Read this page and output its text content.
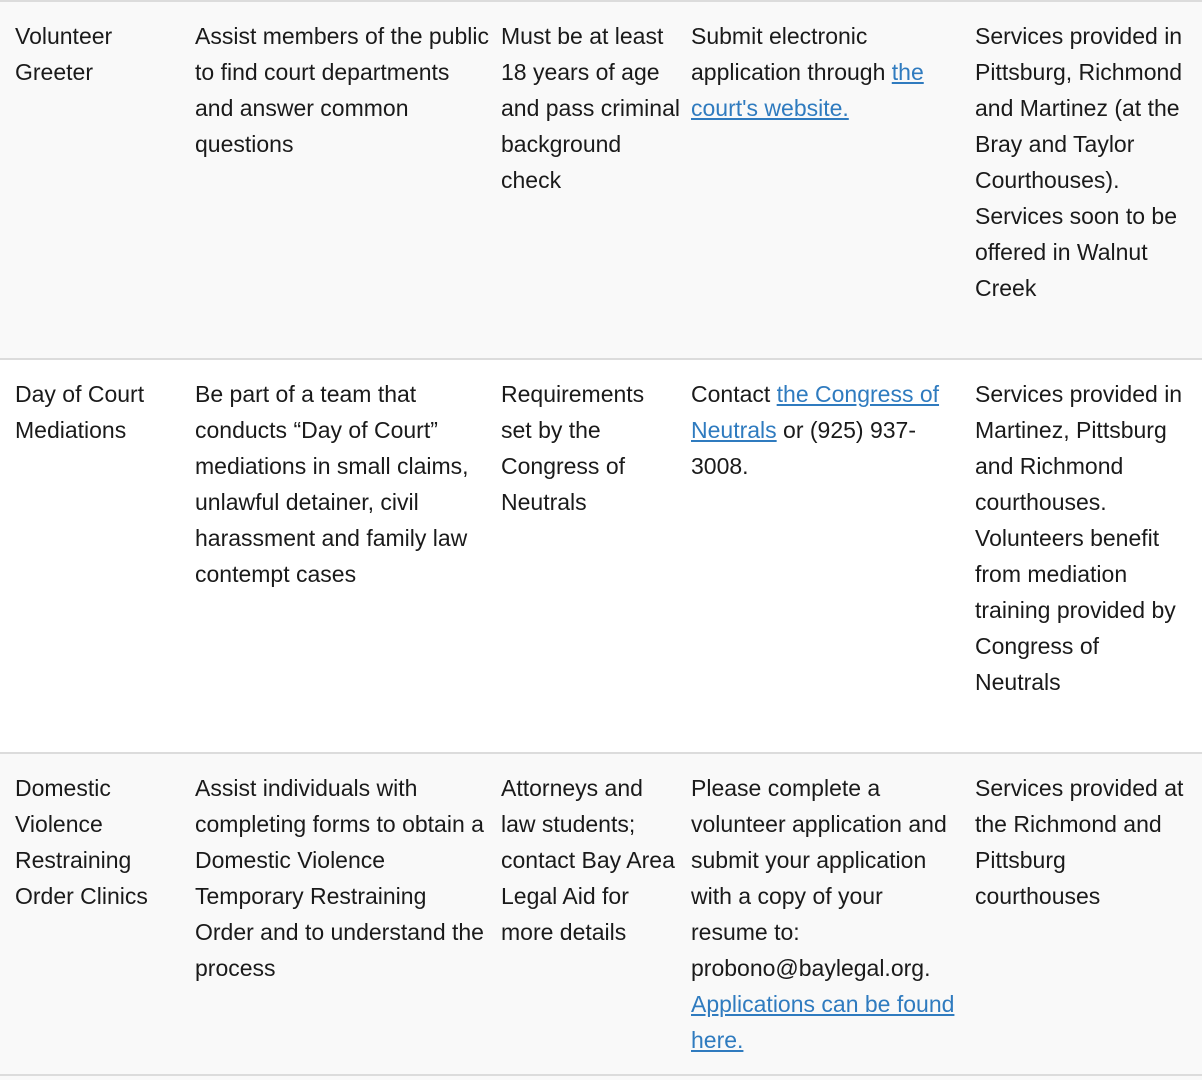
Volunteer Greeter
Assist members of the public to find court departments and answer common questions
Must be at least 18 years of age and pass criminal background check
Submit electronic application through the court's website.
Services provided in Pittsburg, Richmond and Martinez (at the Bray and Taylor Courthouses). Services soon to be offered in Walnut Creek
Day of Court Mediations
Be part of a team that conducts “Day of Court” mediations in small claims, unlawful detainer, civil harassment and family law contempt cases
Requirements set by the Congress of Neutrals
Contact the Congress of Neutrals or (925) 937-3008.
Services provided in Martinez, Pittsburg and Richmond courthouses. Volunteers benefit from mediation training provided by Congress of Neutrals
Domestic Violence Restraining Order Clinics
Assist individuals with completing forms to obtain a Domestic Violence Temporary Restraining Order and to understand the process
Attorneys and law students; contact Bay Area Legal Aid for more details
Please complete a volunteer application and submit your application with a copy of your resume to: probono@baylegal.org. Applications can be found here.
Services provided at the Richmond and Pittsburg courthouses
